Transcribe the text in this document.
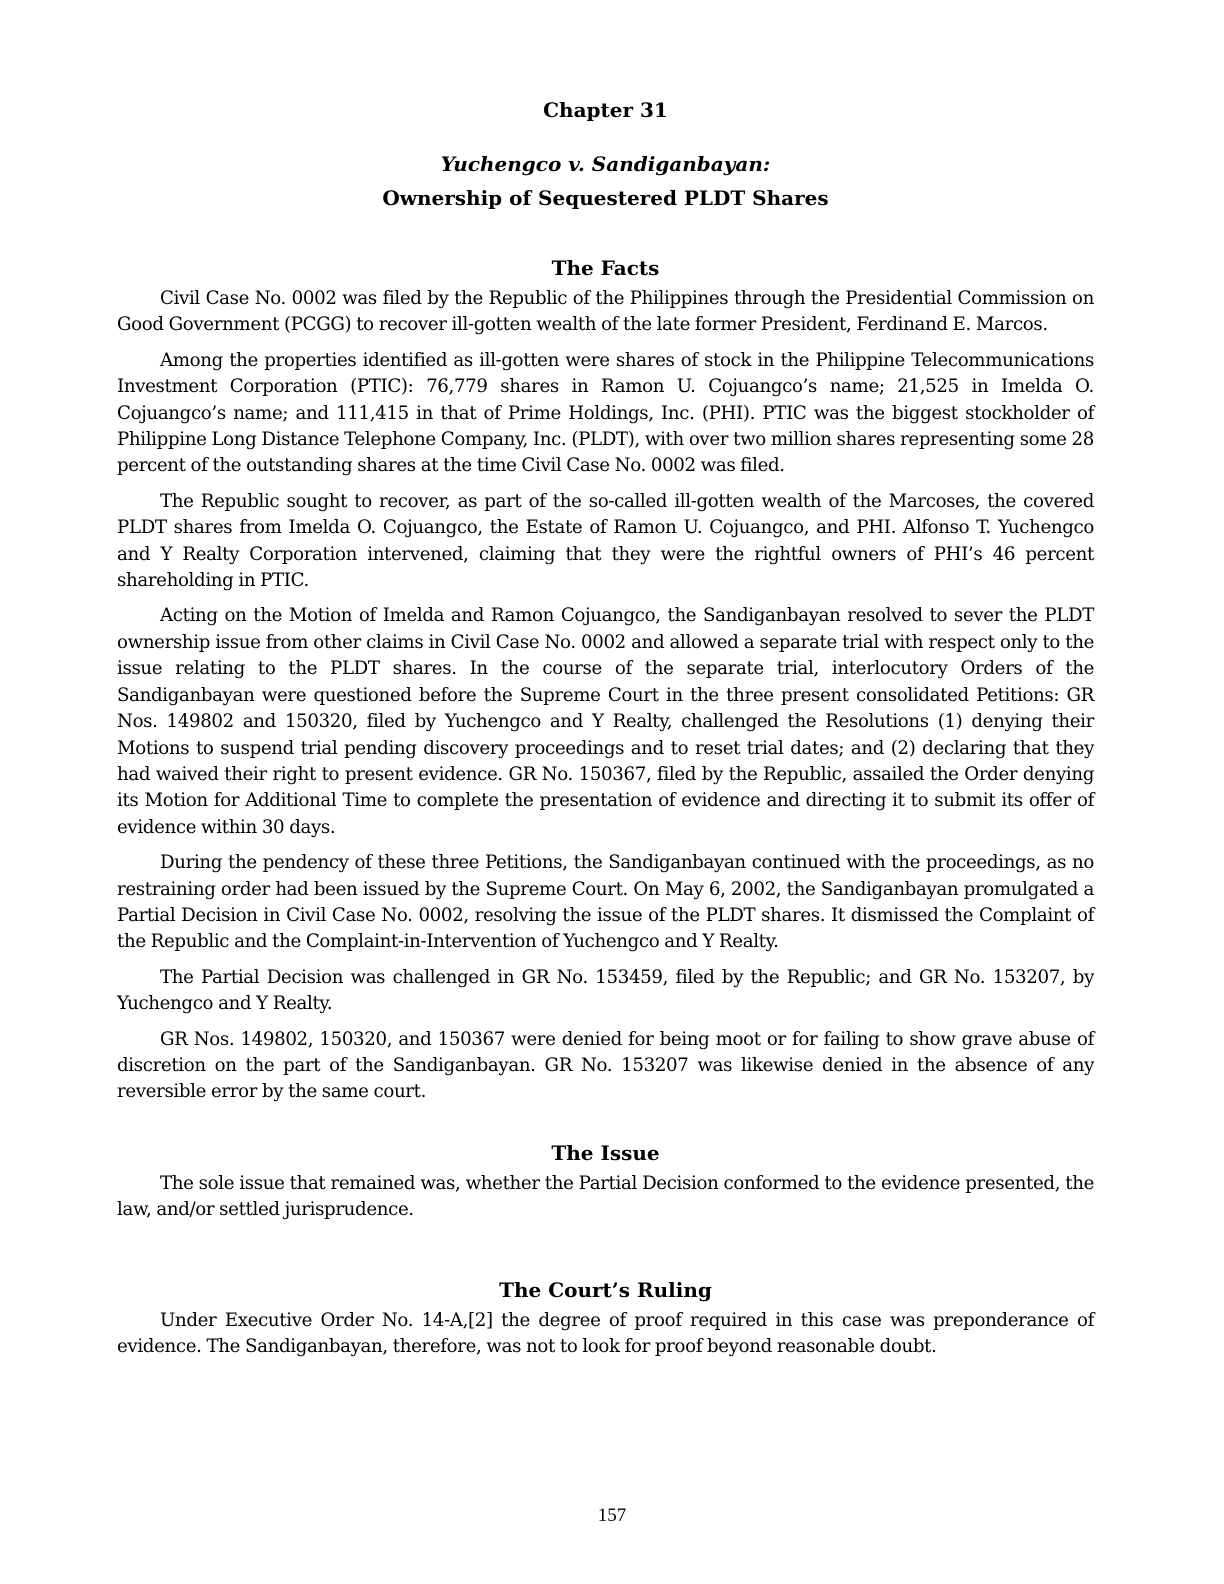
Chapter 31
Yuchengco v. Sandiganbayan:
Ownership of Sequestered PLDT Shares
The Facts

Civil Case No. 0002 was filed by the Republic of the Philippines through the Presidential Commission on Good Government (PCGG) to recover ill-gotten wealth of the late former President, Ferdinand E. Marcos.

Among the properties identified as ill-gotten were shares of stock in the Philippine Telecommunications Investment Corporation (PTIC): 76,779 shares in Ramon U. Cojuangco’s name; 21,525 in Imelda O. Cojuangco’s name; and 111,415 in that of Prime Holdings, Inc. (PHI). PTIC was the biggest stockholder of Philippine Long Distance Telephone Company, Inc. (PLDT), with over two million shares representing some 28 percent of the outstanding shares at the time Civil Case No. 0002 was filed.

The Republic sought to recover, as part of the so-called ill-gotten wealth of the Marcoses, the covered PLDT shares from Imelda O. Cojuangco, the Estate of Ramon U. Cojuangco, and PHI. Alfonso T. Yuchengco and Y Realty Corporation intervened, claiming that they were the rightful owners of PHI’s 46 percent shareholding in PTIC.

Acting on the Motion of Imelda and Ramon Cojuangco, the Sandiganbayan resolved to sever the PLDT ownership issue from other claims in Civil Case No. 0002 and allowed a separate trial with respect only to the issue relating to the PLDT shares. In the course of the separate trial, interlocutory Orders of the Sandiganbayan were questioned before the Supreme Court in the three present consolidated Petitions: GR Nos. 149802 and 150320, filed by Yuchengco and Y Realty, challenged the Resolutions (1) denying their Motions to suspend trial pending discovery proceedings and to reset trial dates; and (2) declaring that they had waived their right to present evidence. GR No. 150367, filed by the Republic, assailed the Order denying its Motion for Additional Time to complete the presentation of evidence and directing it to submit its offer of evidence within 30 days.

During the pendency of these three Petitions, the Sandiganbayan continued with the proceedings, as no restraining order had been issued by the Supreme Court. On May 6, 2002, the Sandiganbayan promulgated a Partial Decision in Civil Case No. 0002, resolving the issue of the PLDT shares. It dismissed the Complaint of the Republic and the Complaint-in-Intervention of Yuchengco and Y Realty.

The Partial Decision was challenged in GR No. 153459, filed by the Republic; and GR No. 153207, by Yuchengco and Y Realty.

GR Nos. 149802, 150320, and 150367 were denied for being moot or for failing to show grave abuse of discretion on the part of the Sandiganbayan. GR No. 153207 was likewise denied in the absence of any reversible error by the same court.

The Issue

The sole issue that remained was, whether the Partial Decision conformed to the evidence presented, the law, and/or settled jurisprudence.

The Court’s Ruling

Under Executive Order No. 14-A,[2] the degree of proof required in this case was preponderance of evidence. The Sandiganbayan, therefore, was not to look for proof beyond reasonable doubt.

157
